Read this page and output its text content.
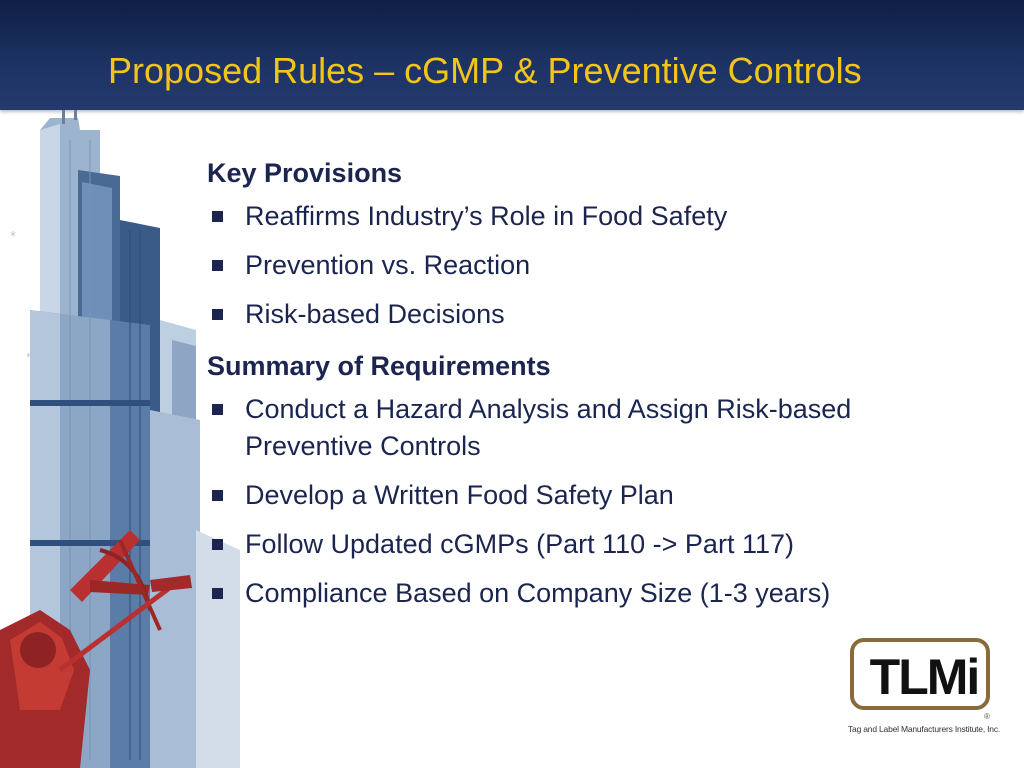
Proposed Rules – cGMP & Preventive Controls
*
*
Key Provisions
Reaffirms Industry’s Role in Food Safety
Prevention vs. Reaction
Risk-based Decisions
Summary of Requirements
Conduct a Hazard Analysis and Assign Risk-based Preventive Controls
Develop a Written Food Safety Plan
Follow Updated cGMPs (Part 110 -> Part 117)
Compliance Based on Company Size (1-3 years)
TLMi
®
Tag and Label Manufacturers Institute, Inc.
